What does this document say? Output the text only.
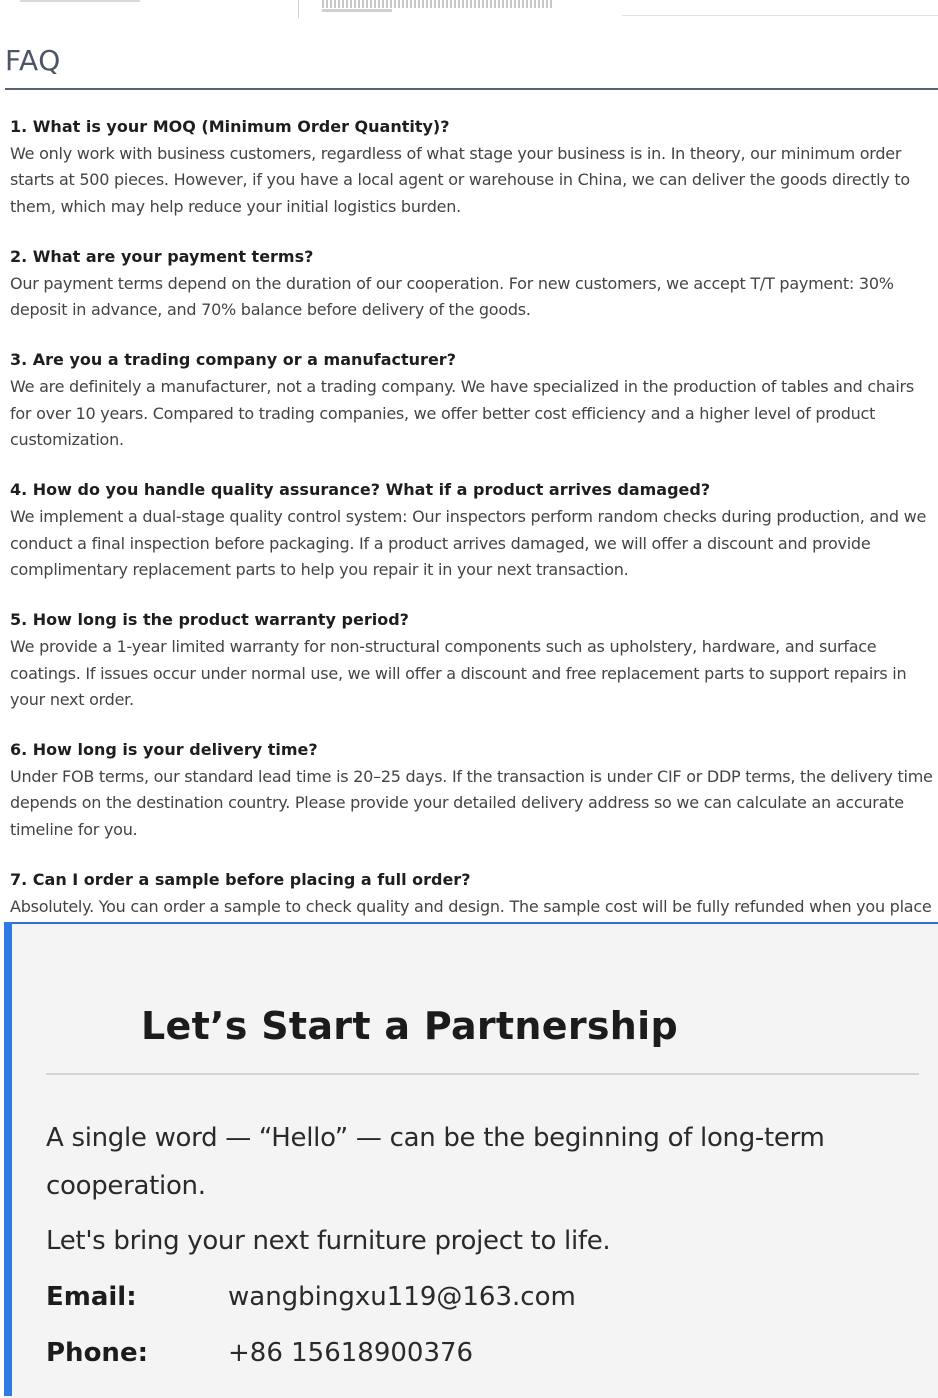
FAQ

1. What is your MOQ (Minimum Order Quantity)?

We only work with business customers, regardless of what stage your business is in. In theory, our minimum order starts at 500 pieces. However, if you have a local agent or warehouse in China, we can deliver the goods directly to them, which may help reduce your initial logistics burden.

2. What are your payment terms?

Our payment terms depend on the duration of our cooperation. For new customers, we accept T/T payment: 30% deposit in advance, and 70% balance before delivery of the goods.

3. Are you a trading company or a manufacturer?

We are definitely a manufacturer, not a trading company. We have specialized in the production of tables and chairs for over 10 years. Compared to trading companies, we offer better cost efficiency and a higher level of product customization.

4. How do you handle quality assurance? What if a product arrives damaged?

We implement a dual-stage quality control system: Our inspectors perform random checks during production, and we conduct a final inspection before packaging. If a product arrives damaged, we will offer a discount and provide complimentary replacement parts to help you repair it in your next transaction.

5. How long is the product warranty period?

We provide a 1-year limited warranty for non-structural components such as upholstery, hardware, and surface coatings. If issues occur under normal use, we will offer a discount and free replacement parts to support repairs in your next order.

6. How long is your delivery time?

Under FOB terms, our standard lead time is 20–25 days. If the transaction is under CIF or DDP terms, the delivery time depends on the destination country. Please provide your detailed delivery address so we can calculate an accurate timeline for you.

7. Can I order a sample before placing a full order?

Absolutely. You can order a sample to check quality and design. The sample cost will be fully refunded when you place

Let’s Start a Partnership

A single word — “Hello” — can be the beginning of long-term cooperation.

Let's bring your next furniture project to life.

Email:	wangbingxu119@163.com
Phone:	+86 15618900376
